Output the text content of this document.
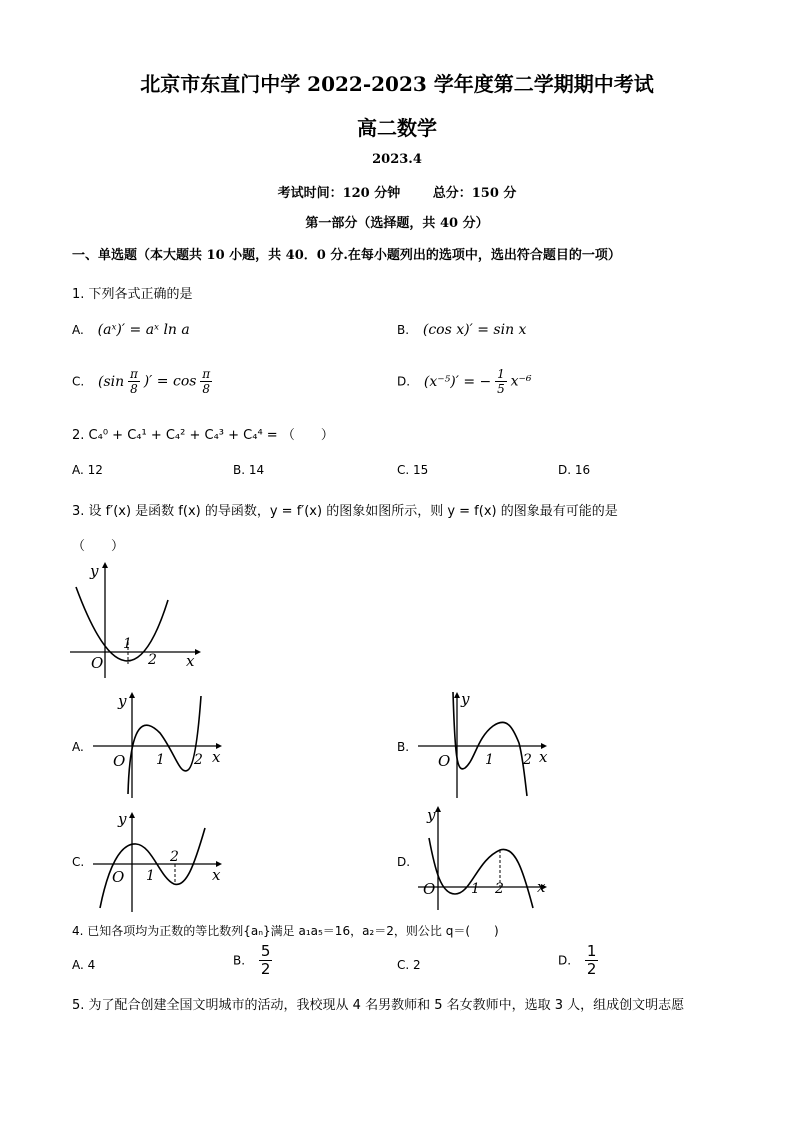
北京市东直门中学 2022-2023 学年度第二学期期中考试
高二数学
2023.4
考试时间：120 分钟	总分：150 分
第一部分（选择题，共 40 分）
一、单选题（本大题共 10 小题，共 40．0 分.在每小题列出的选项中，选出符合题目的一项）
1. 下列各式正确的是
A. (aˣ)′ = aˣ ln a	B. (cos x)′ = sin x
C. ($\sin \frac{\pi}{8}$ )′ = $\cos \frac{\pi}{8}$	D. (x⁻⁵)′ = − $\frac{1}{5} x^{-6}$
2. C₄⁰ + C₄¹ + C₄² + C₄³ + C₄⁴ = （　　）
A. 12	B. 14	C. 15	D. 16
3. 设 f′(x) 是函数 f(x) 的导函数，y = f′(x) 的图象如图所示，则 y = f(x) 的图象最有可能的是
（　　）
O
1
2 x
y
A.
O 1 2 x
y
B.
O 1 2 x
y
C.
O 1
2
x
y
D.
O	1 2 x
y
4. 已知各项均为正数的等比数列{aₙ}满足 a₁a₅＝16，a₂＝2，则公比 q＝(　　)
A. 4	B. $\frac{5}{2}$	C. 2	D. $\frac{1}{2}$
5. 为了配合创建全国文明城市的活动，我校现从 4 名男教师和 5 名女教师中，选取 3 人，组成创文明志愿
